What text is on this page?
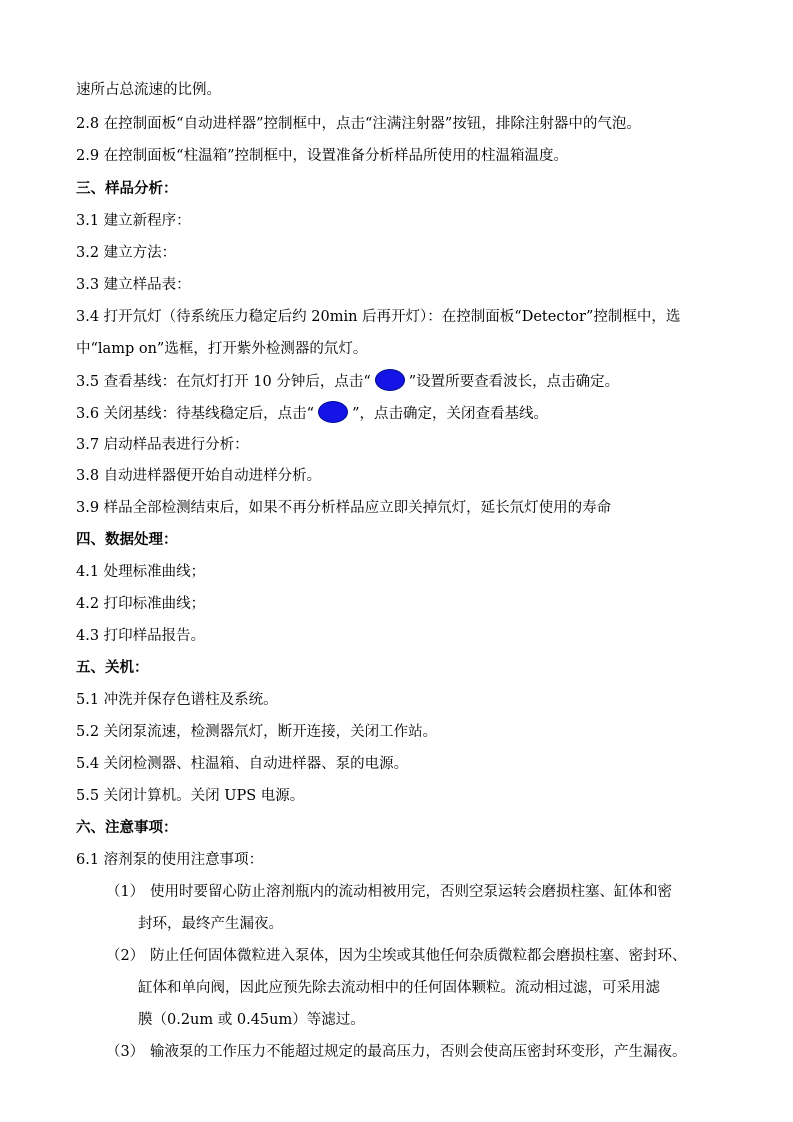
速所占总流速的比例。
2.8 在控制面板“自动进样器”控制框中，点击“注满注射器”按钮，排除注射器中的气泡。
2.9 在控制面板“柱温箱”控制框中，设置准备分析样品所使用的柱温箱温度。
三、样品分析：
3.1 建立新程序：
3.2 建立方法：
3.3 建立样品表：
3.4 打开氘灯（待系统压力稳定后约 20min 后再开灯）：在控制面板“Detector”控制框中，选
中“lamp on”选框，打开紫外检测器的氘灯。
3.5 查看基线：在氘灯打开 10 分钟后，点击“	”设置所要查看波长，点击确定。
3.6 关闭基线：待基线稳定后，点击“	”，点击确定，关闭查看基线。
3.7 启动样品表进行分析：
3.8 自动进样器便开始自动进样分析。
3.9 样品全部检测结束后，如果不再分析样品应立即关掉氘灯，延长氘灯使用的寿命
四、数据处理：
4.1 处理标准曲线；
4.2 打印标准曲线；
4.3 打印样品报告。
五、关机：
5.1 冲洗并保存色谱柱及系统。
5.2 关闭泵流速，检测器氘灯，断开连接，关闭工作站。
5.4 关闭检测器、柱温箱、自动进样器、泵的电源。
5.5 关闭计算机。关闭 UPS 电源。
六、注意事项：
6.1 溶剂泵的使用注意事项：
（1） 使用时要留心防止溶剂瓶内的流动相被用完，否则空泵运转会磨损柱塞、缸体和密
封环，最终产生漏夜。
（2） 防止任何固体微粒进入泵体，因为尘埃或其他任何杂质微粒都会磨损柱塞、密封环、
缸体和单向阀，因此应预先除去流动相中的任何固体颗粒。流动相过滤，可采用滤
膜（0.2um 或 0.45um）等滤过。
（3） 输液泵的工作压力不能超过规定的最高压力，否则会使高压密封环变形，产生漏夜。
